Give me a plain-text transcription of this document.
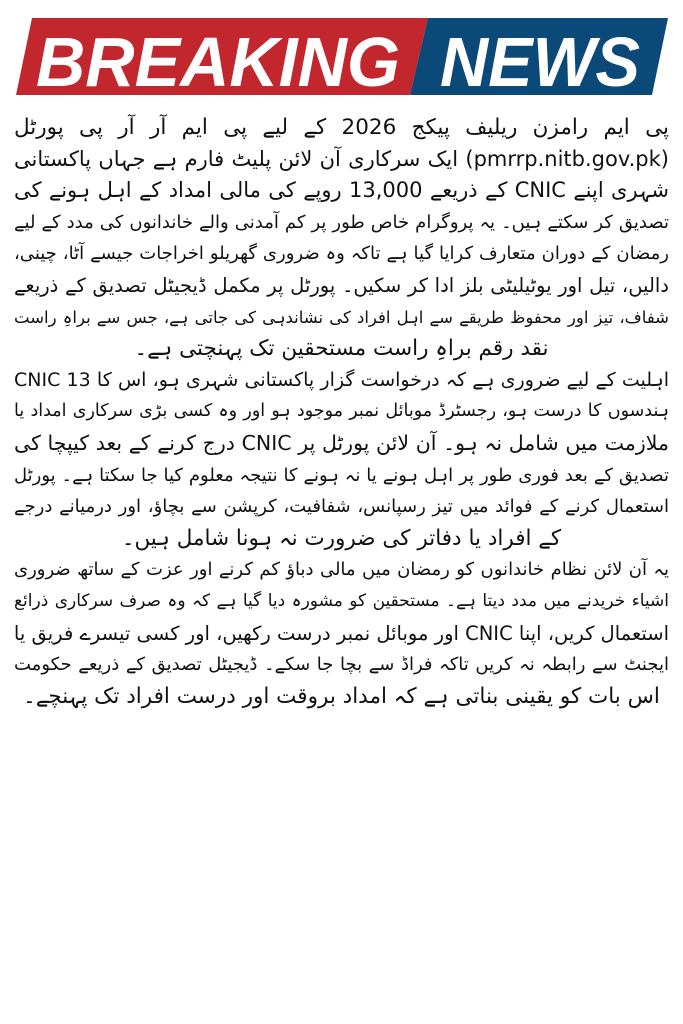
BREAKING NEWS

پی ایم رامزن ریلیف پیکج 2026 کے لیے پی ایم آر آر پی پورٹل
(pmrrp.nitb.gov.pk) ایک سرکاری آن لائن پلیٹ فارم ہے جہاں پاکستانی
شہری اپنے CNIC کے ذریعے 13,000 روپے کی مالی امداد کے اہل ہونے کی
تصدیق کر سکتے ہیں۔ یہ پروگرام خاص طور پر کم آمدنی والے خاندانوں کی مدد کے لیے
رمضان کے دوران متعارف کرایا گیا ہے تاکہ وہ ضروری گھریلو اخراجات جیسے آٹا، چینی،
دالیں، تیل اور یوٹیلیٹی بلز ادا کر سکیں۔ پورٹل پر مکمل ڈیجیٹل تصدیق کے ذریعے
شفاف، تیز اور محفوظ طریقے سے اہل افراد کی نشاندہی کی جاتی ہے، جس سے براہِ راست
نقد رقم براہِ راست مستحقین تک پہنچتی ہے۔

اہلیت کے لیے ضروری ہے کہ درخواست گزار پاکستانی شہری ہو، اس کا CNIC 13
ہندسوں کا درست ہو، رجسٹرڈ موبائل نمبر موجود ہو اور وہ کسی بڑی سرکاری امداد یا
ملازمت میں شامل نہ ہو۔ آن لائن پورٹل پر CNIC درج کرنے کے بعد کیپچا کی
تصدیق کے بعد فوری طور پر اہل ہونے یا نہ ہونے کا نتیجہ معلوم کیا جا سکتا ہے۔ پورٹل
استعمال کرنے کے فوائد میں تیز رسپانس، شفافیت، کرپشن سے بچاؤ، اور درمیانے درجے
کے افراد یا دفاتر کی ضرورت نہ ہونا شامل ہیں۔

یہ آن لائن نظام خاندانوں کو رمضان میں مالی دباؤ کم کرنے اور عزت کے ساتھ ضروری
اشیاء خریدنے میں مدد دیتا ہے۔ مستحقین کو مشورہ دیا گیا ہے کہ وہ صرف سرکاری ذرائع
استعمال کریں، اپنا CNIC اور موبائل نمبر درست رکھیں، اور کسی تیسرے فریق یا
ایجنٹ سے رابطہ نہ کریں تاکہ فراڈ سے بچا جا سکے۔ ڈیجیٹل تصدیق کے ذریعے حکومت
اس بات کو یقینی بناتی ہے کہ امداد بروقت اور درست افراد تک پہنچے۔
